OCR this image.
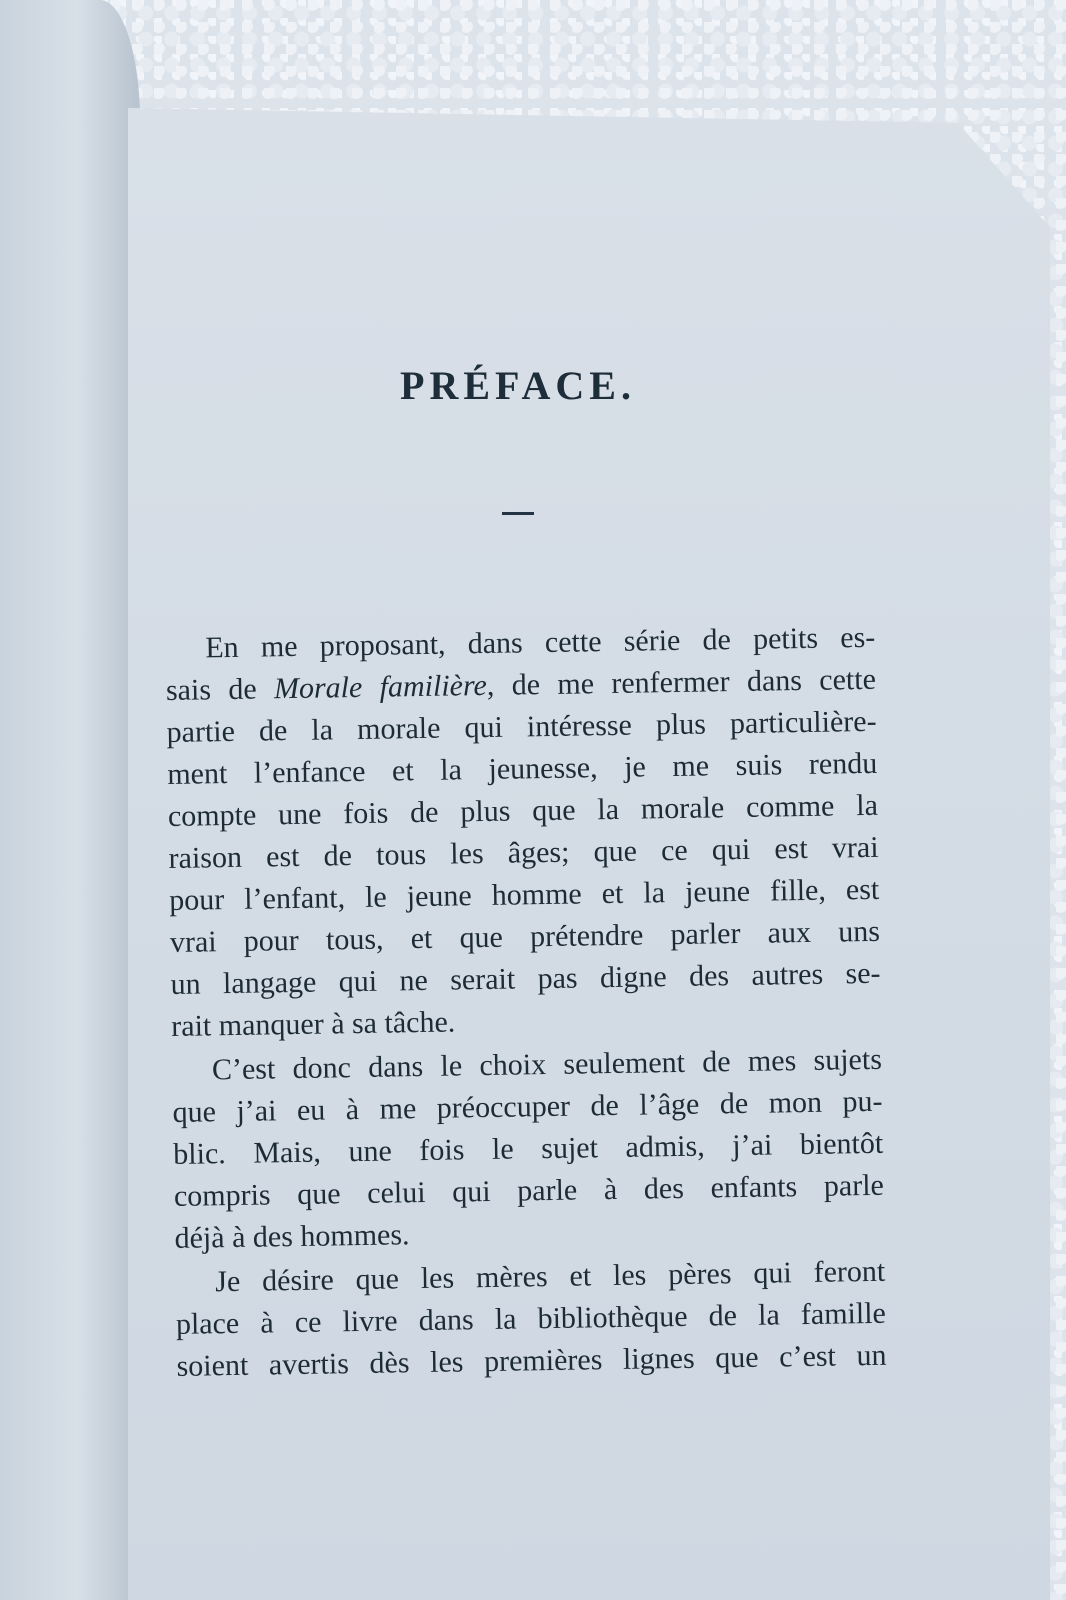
PRÉFACE.
En me proposant, dans cette série de petits es-
sais de Morale familière, de me renfermer dans cette
partie de la morale qui intéresse plus particulière-
ment l’enfance et la jeunesse, je me suis rendu
compte une fois de plus que la morale comme la
raison est de tous les âges; que ce qui est vrai
pour l’enfant, le jeune homme et la jeune fille, est
vrai pour tous, et que prétendre parler aux uns
un langage qui ne serait pas digne des autres se-
rait manquer à sa tâche.
C’est donc dans le choix seulement de mes sujets
que j’ai eu à me préoccuper de l’âge de mon pu-
blic. Mais, une fois le sujet admis, j’ai bientôt
compris que celui qui parle à des enfants parle
déjà à des hommes.
Je désire que les mères et les pères qui feront
place à ce livre dans la bibliothèque de la famille
soient avertis dès les premières lignes que c’est un
